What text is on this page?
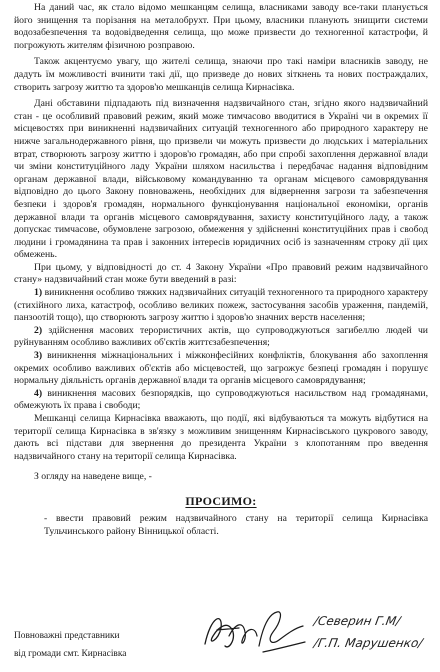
На даний час, як стало відомо мешканцям селища, власниками заводу все-таки планується його знищення та порізання на металобрухт. При цьому, власники планують знищити системи водозабезпечення та водовідведення селища, що може призвести до техногенної катастрофи, й погрожують жителям фізичною розправою.

Також акцентуємо увагу, що жителі селища, знаючи про такі наміри власників заводу, не дадуть їм можливості вчинити такі дії, що призведе до нових зіткнень та нових постраждалих, створить загрозу життю та здоров'ю мешканців селища Кирнасівка.

Дані обставини підпадають під визначення надзвичайного стан, згідно якого надзвичайний стан - це особливий правовий режим, який може тимчасово вводитися в Україні чи в окремих її місцевостях при виникненні надзвичайних ситуацій техногенного або природного характеру не нижче загальнодержавного рівня, що призвели чи можуть призвести до людських і матеріальних втрат, створюють загрозу життю і здоров'ю громадян, або при спробі захоплення державної влади чи зміни конституційного ладу України шляхом насильства і передбачає надання відповідним органам державної влади, військовому командуванню та органам місцевого самоврядування відповідно до цього Закону повноважень, необхідних для відвернення загрози та забезпечення безпеки і здоров'я громадян, нормального функціонування національної економіки, органів державної влади та органів місцевого самоврядування, захисту конституційного ладу, а також допускає тимчасове, обумовлене загрозою, обмеження у здійсненні конституційних прав і свобод людини і громадянина та прав і законних інтересів юридичних осіб із зазначенням строку дії цих обмежень.

При цьому, у відповідності до ст. 4 Закону України «Про правовий режим надзвичайного стану» надзвичайний стан може бути введений в разі:

1) виникнення особливо тяжких надзвичайних ситуацій техногенного та природного характеру (стихійного лиха, катастроф, особливо великих пожеж, застосування засобів ураження, пандемій, панзоотій тощо), що створюють загрозу життю і здоров'ю значних верств населення;

2) здійснення масових терористичних актів, що супроводжуються загибеллю людей чи руйнуванням особливо важливих об'єктів життєзабезпечення;

3) виникнення міжнаціональних і міжконфесійних конфліктів, блокування або захоплення окремих особливо важливих об'єктів або місцевостей, що загрожує безпеці громадян і порушує нормальну діяльність органів державної влади та органів місцевого самоврядування;

4) виникнення масових безпорядків, що супроводжуються насильством над громадянами, обмежують їх права і свободи;

Мешканці селища Кирнасівка вважають, що події, які відбуваються та можуть відбутися на території селища Кирнасівка в зв'язку з можливим знищенням Кирнасівського цукрового заводу, дають всі підстави для звернення до президента України з клопотанням про введення надзвичайного стану на території селища Кирнасівка.

З огляду на наведене вище, -

ПРОСИМО:

- ввести правовий режим надзвичайного стану на території селища Кирнасівка Тульчинського району Вінницької області.

Повноважні представники
від громади смт. Кирнасівка
/Северин Г.М/
/Г.П. Марушенко/
